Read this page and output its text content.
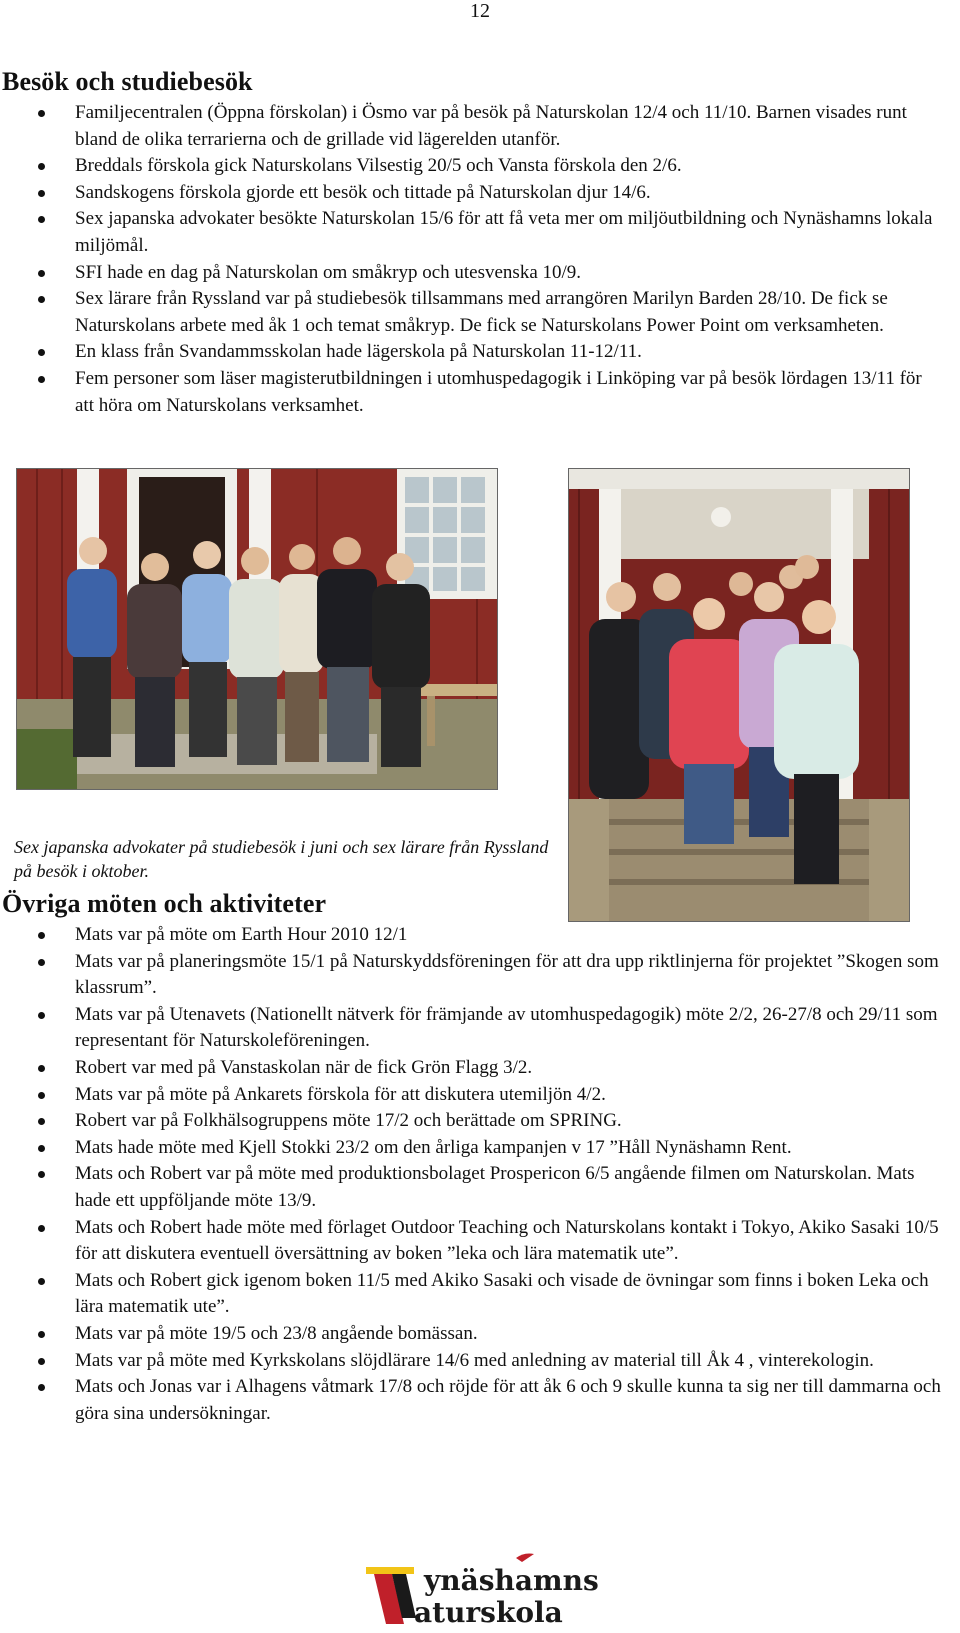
12
Besök och studiebesök
Familjecentralen (Öppna förskolan) i Ösmo var på besök på Naturskolan 12/4 och 11/10. Barnen visades runt bland de olika terrarierna och de grillade vid lägerelden utanför.
Breddals förskola gick Naturskolans Vilsestig 20/5 och Vansta förskola den 2/6.
Sandskogens förskola gjorde ett besök och tittade på Naturskolan djur 14/6.
Sex japanska advokater besökte Naturskolan 15/6 för att få veta mer om miljöutbildning och Nynäshamns lokala miljömål.
SFI hade en dag på Naturskolan om småkryp och utesvenska 10/9.
Sex lärare från Ryssland var på studiebesök tillsammans med arrangören Marilyn Barden 28/10. De fick se Naturskolans arbete med åk 1 och temat småkryp. De fick se Naturskolans Power Point om verksamheten.
En klass från Svandammsskolan hade lägerskola på Naturskolan 11-12/11.
Fem personer som läser magisterutbildningen i utomhuspedagogik i Linköping var på besök lördagen 13/11 för att höra om Naturskolans verksamhet.

Sex japanska advokater på studiebesök i juni och sex lärare från Ryssland på besök i oktober.

Övriga möten och aktiviteter
Mats var på möte om Earth Hour 2010 12/1
Mats var på planeringsmöte 15/1 på Naturskyddsföreningen för att dra upp riktlinjerna för projektet ”Skogen som klassrum”.
Mats var på Utenavets (Nationellt nätverk för främjande av utomhuspedagogik) möte 2/2, 26-27/8 och 29/11 som representant för Naturskoleföreningen.
Robert var med på Vanstaskolan när de fick Grön Flagg 3/2.
Mats var på möte på Ankarets förskola för att diskutera utemiljön 4/2.
Robert var på Folkhälsogruppens möte 17/2 och berättade om SPRING.
Mats hade möte med Kjell Stokki 23/2 om den årliga kampanjen v 17 ”Håll Nynäshamn Rent.
Mats och Robert var på möte med produktionsbolaget Prospericon 6/5 angående filmen om Naturskolan. Mats hade ett uppföljande möte 13/9.
Mats och Robert hade möte med förlaget Outdoor Teaching och Naturskolans kontakt i Tokyo, Akiko Sasaki 10/5 för att diskutera eventuell översättning av boken ”leka och lära matematik ute”.
Mats och Robert gick igenom boken 11/5 med Akiko Sasaki och visade de övningar som finns i boken Leka och lära matematik ute”.
Mats var på möte 19/5 och 23/8 angående bomässan.
Mats var på möte med Kyrkskolans slöjdlärare 14/6 med anledning av material till Åk 4 , vinterekologin.
Mats och Jonas var i Alhagens våtmark 17/8 och röjde för att åk 6 och 9 skulle kunna ta sig ner till dammarna och göra sina undersökningar.
ynäshamns
aturskola
